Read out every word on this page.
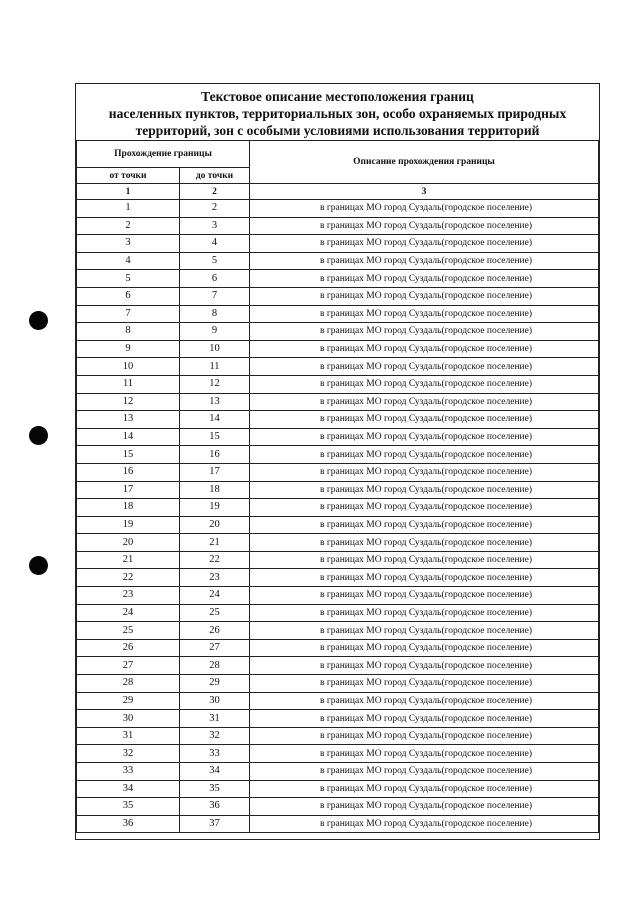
Текстовое описание местоположения границ
населенных пунктов, территориальных зон, особо охраняемых природных
территорий, зон с особыми условиями использования территорий
Прохождение границы		Описание прохождения границы
от точки	до точки	
1	2	3
1	2	в границах МО город Суздаль(городское поселение)
2	3	в границах МО город Суздаль(городское поселение)
3	4	в границах МО город Суздаль(городское поселение)
4	5	в границах МО город Суздаль(городское поселение)
5	6	в границах МО город Суздаль(городское поселение)
6	7	в границах МО город Суздаль(городское поселение)
7	8	в границах МО город Суздаль(городское поселение)
8	9	в границах МО город Суздаль(городское поселение)
9	10	в границах МО город Суздаль(городское поселение)
10	11	в границах МО город Суздаль(городское поселение)
11	12	в границах МО город Суздаль(городское поселение)
12	13	в границах МО город Суздаль(городское поселение)
13	14	в границах МО город Суздаль(городское поселение)
14	15	в границах МО город Суздаль(городское поселение)
15	16	в границах МО город Суздаль(городское поселение)
16	17	в границах МО город Суздаль(городское поселение)
17	18	в границах МО город Суздаль(городское поселение)
18	19	в границах МО город Суздаль(городское поселение)
19	20	в границах МО город Суздаль(городское поселение)
20	21	в границах МО город Суздаль(городское поселение)
21	22	в границах МО город Суздаль(городское поселение)
22	23	в границах МО город Суздаль(городское поселение)
23	24	в границах МО город Суздаль(городское поселение)
24	25	в границах МО город Суздаль(городское поселение)
25	26	в границах МО город Суздаль(городское поселение)
26	27	в границах МО город Суздаль(городское поселение)
27	28	в границах МО город Суздаль(городское поселение)
28	29	в границах МО город Суздаль(городское поселение)
29	30	в границах МО город Суздаль(городское поселение)
30	31	в границах МО город Суздаль(городское поселение)
31	32	в границах МО город Суздаль(городское поселение)
32	33	в границах МО город Суздаль(городское поселение)
33	34	в границах МО город Суздаль(городское поселение)
34	35	в границах МО город Суздаль(городское поселение)
35	36	в границах МО город Суздаль(городское поселение)
36	37	в границах МО город Суздаль(городское поселение)
